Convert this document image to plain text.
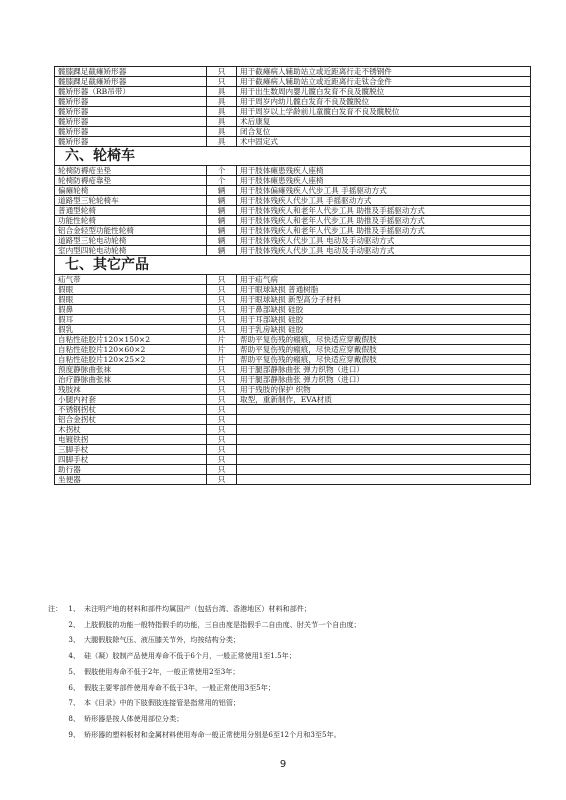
髋膝踝足截瘫矫形器	只	用于截瘫病人辅助站立或近距离行走不锈钢件
髋膝踝足截瘫矫形器	只	用于截瘫病人辅助站立或近距离行走钛合金件
髋矫形器（RB吊带）	具	用于出生数周内婴儿髋白发育不良及髋脱位
髋矫形器	具	用于周岁内幼儿髋白发育不良及髋脱位
髋矫形器	具	用于周岁以上学龄前儿童髋白发育不良及髋脱位
髋矫形器	具	术后康复
髋矫形器	具	闭合复位
髋矫形器	具	术中固定式
六、轮椅车		
轮椅防褥疮坐垫	个	用于肢体瘫患残疾人座椅
轮椅防褥疮靠垫	个	用于肢体瘫患残疾人座椅
偏瘫轮椅	辆	用于肢体偏瘫残疾人代步工具 手摇驱动方式
道路型三轮轮椅车	辆	用于肢体残疾人代步工具 手摇驱动方式
普通型轮椅	辆	用于肢体残疾人和老年人代步工具 助推及手摇驱动方式
功能性轮椅	辆	用于肢体残疾人和老年人代步工具 助推及手摇驱动方式
铝合金轻型功能性轮椅	辆	用于肢体残疾人和老年人代步工具 助推及手摇驱动方式
道路型三轮电动轮椅	辆	用于肢体残疾人代步工具 电动及手动驱动方式
室内型四轮电动轮椅	辆	用于肢体残疾人代步工具 电动及手动驱动方式
七、其它产品		
疝气带	只	用于疝气病
假眼	只	用于眼球缺损 普通树脂
假眼	只	用于眼球缺损 新型高分子材料
假鼻	只	用于鼻部缺损 硅胶
假耳	只	用于耳部缺损 硅胶
假乳	只	用于乳房缺损 硅胶
自粘性硅胶片120×150×2	片	帮助平复伤残的瘢痕，尽快适应穿戴假肢
自粘性硅胶片120×60×2	片	帮助平复伤残的瘢痕，尽快适应穿戴假肢
自粘性硅胶片120×25×2	片	帮助平复伤残的瘢痕，尽快适应穿戴假肢
预度静脉曲张袜	只	用于腿部静脉曲张 弹力织物（进口）
治疗静脉曲张袜	只	用于腿部静脉曲张 弹力织物（进口）
残肢袜	只	用于残肢的保护 织物
小腿内衬套	只	取型，重新制作，EVA材质
不锈钢拐杖	只	
铝合金拐杖	只	
木拐杖	只	
电镀铁拐	只	
三脚手杖	只	
四脚手杖	只	
助行器	只	
坐便器	只	
注： 1、 未注明产地的材料和部件均属国产（包括台湾、香港地区）材料和部件；
2、 上肢假肢的功能一般特指假手的功能，三自由度是指假手二自由度、肘关节一个自由度；
3、 大腿假肢除气压、液压膝关节外，均按结构分类；
4、 硅（凝）胶制产品使用寿命不低于6个月，一般正常使用1至1.5年；
5、 假肢使用寿命不低于2年，一般正常使用2至3年；
6、 假肢主要零部件使用寿命不低于3年，一般正常使用3至5年；
7、 本《目录》中的下肢假肢连接管是指常用的铝管；
8、 矫形器是按人体使用部位分类；
9、 矫形器的塑料板材和金属材料使用寿命一般正常使用分别是6至12个月和3至5年。
9
